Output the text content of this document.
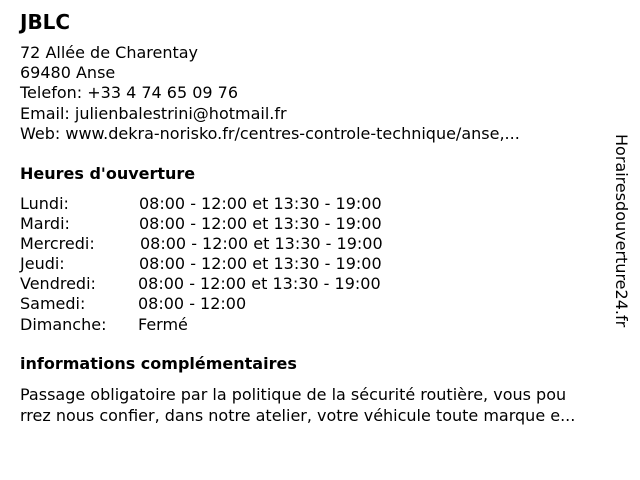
JBLC
72 Allée de Charentay
69480 Anse
Telefon: +33 4 74 65 09 76
Email: julienbalestrini@hotmail.fr
Web: www.dekra-norisko.fr/centres-controle-technique/anse,...
Heures d'ouverture
Lundi:	08:00 - 12:00 et 13:30 - 19:00
Mardi:	08:00 - 12:00 et 13:30 - 19:00
Mercredi:	08:00 - 12:00 et 13:30 - 19:00
Jeudi:	08:00 - 12:00 et 13:30 - 19:00
Vendredi:	08:00 - 12:00 et 13:30 - 19:00
Samedi:	08:00 - 12:00
Dimanche: Fermé
informations complémentaires
Passage obligatoire par la politique de la sécurité routière, vous pou
rrez nous confier, dans notre atelier, votre véhicule toute marque e...
Horairesdouverture24.fr
